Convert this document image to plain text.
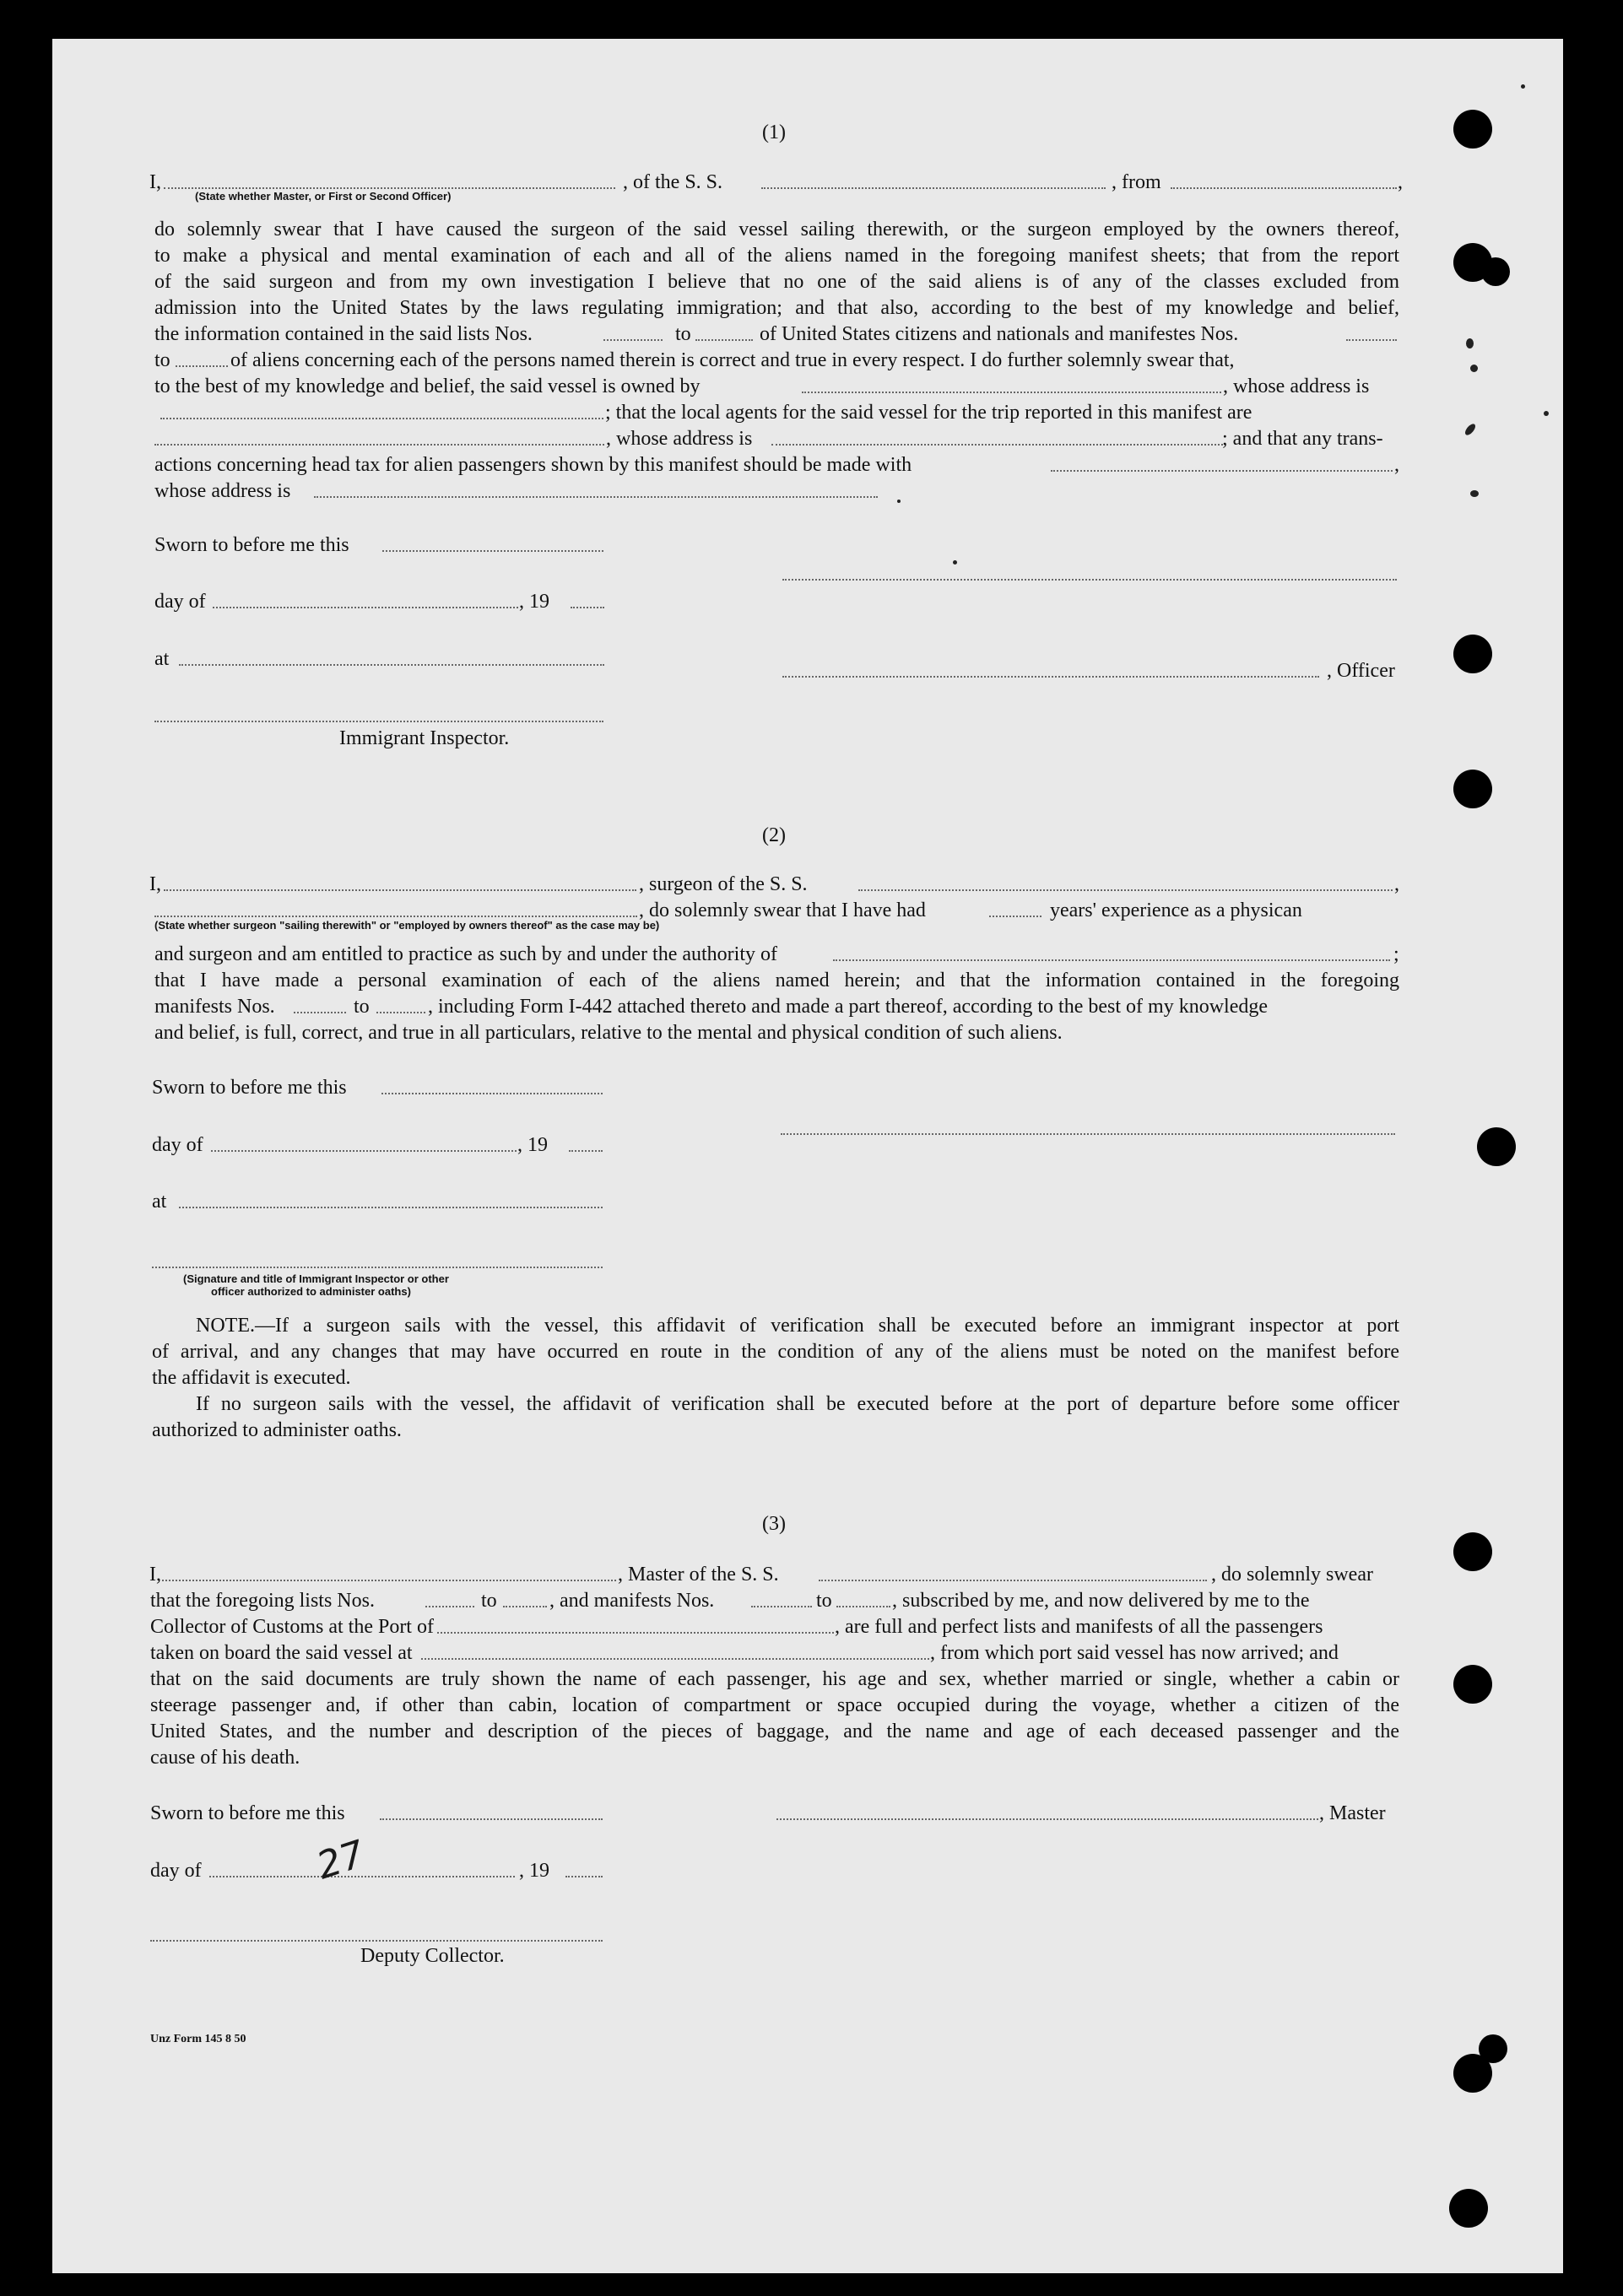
(1)
I,	, of the S. S.	, from	,
(State whether Master, or First or Second Officer)
do solemnly swear that I have caused the surgeon of the said vessel sailing therewith, or the surgeon employed by the owners thereof,
to make a physical and mental examination of each and all of the aliens named in the foregoing manifest sheets; that from the report
of the said surgeon and from my own investigation I believe that no one of the said aliens is of any of the classes excluded from
admission into the United States by the laws regulating immigration; and that also, according to the best of my knowledge and belief,
the information contained in the said lists Nos.	to	of United States citizens and nationals and manifestes Nos.
to	of aliens concerning each of the persons named therein is correct and true in every respect. I do further solemnly swear that,
to the best of my knowledge and belief, the said vessel is owned by	, whose address is
; that the local agents for the said vessel for the trip reported in this manifest are
, whose address is	; and that any trans-
actions concerning head tax for alien passengers shown by this manifest should be made with	,
whose address is
Sworn to before me this
day of	, 19
at
, Officer
Immigrant Inspector.
(2)
I,	, surgeon of the S. S.	,
, do solemnly swear that I have had	years' experience as a physican
(State whether surgeon "sailing therewith" or "employed by owners thereof" as the case may be)
and surgeon and am entitled to practice as such by and under the authority of	;
that I have made a personal examination of each of the aliens named herein; and that the information contained in the foregoing
manifests Nos.	to	, including Form I-442 attached thereto and made a part thereof, according to the best of my knowledge
and belief, is full, correct, and true in all particulars, relative to the mental and physical condition of such aliens.
Sworn to before me this
day of	, 19
at
(Signature and title of Immigrant Inspector or other
officer authorized to administer oaths)
NOTE.—If a surgeon sails with the vessel, this affidavit of verification shall be executed before an immigrant inspector at port
of arrival, and any changes that may have occurred en route in the condition of any of the aliens must be noted on the manifest before
the affidavit is executed.
If no surgeon sails with the vessel, the affidavit of verification shall be executed before at the port of departure before some officer
authorized to administer oaths.
(3)
I,	, Master of the S. S.	, do solemnly swear
that the foregoing lists Nos.	to	, and manifests Nos.	to	, subscribed by me, and now delivered by me to the
Collector of Customs at the Port of	, are full and perfect lists and manifests of all the passengers
taken on board the said vessel at	, from which port said vessel has now arrived; and
that on the said documents are truly shown the name of each passenger, his age and sex, whether married or single, whether a cabin or
steerage passenger and, if other than cabin, location of compartment or space occupied during the voyage, whether a citizen of the
United States, and the number and description of the pieces of baggage, and the name and age of each deceased passenger and the
cause of his death.
Sworn to before me this	, Master
day of	, 19
27
Deputy Collector.
Unz Form 145 8 50
